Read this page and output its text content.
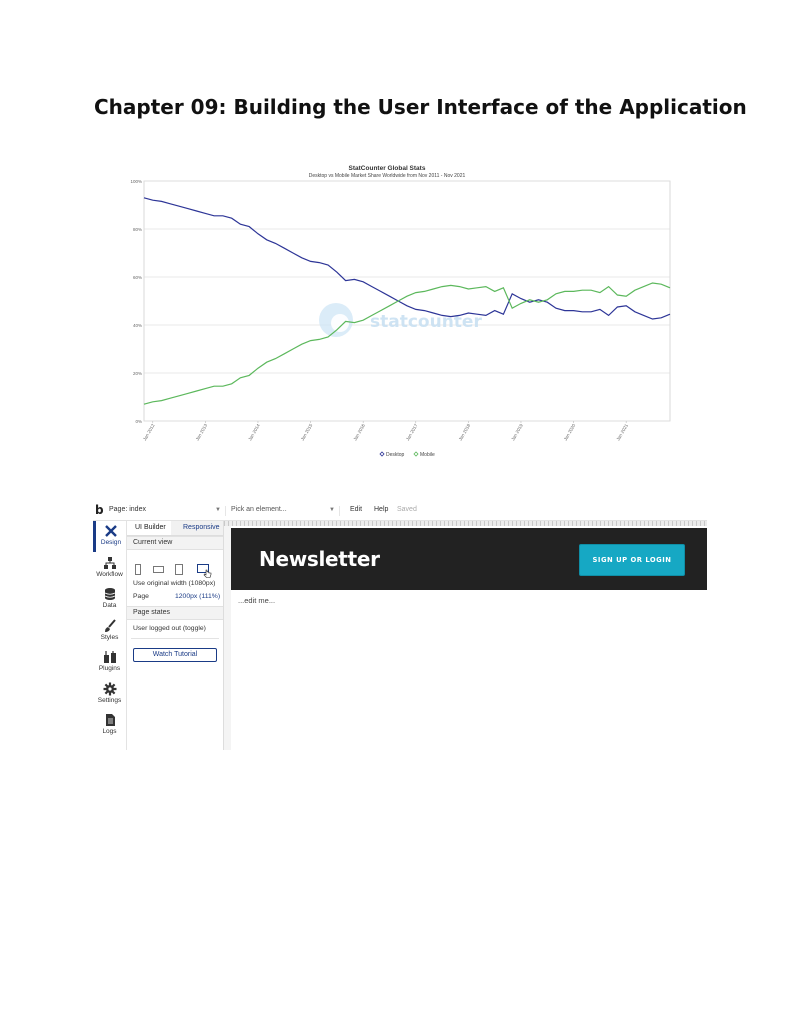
Chapter 09: Building the User Interface of the Application
0%
20%
40%
60%
80%
100%
StatCounter Global Stats
Desktop vs Mobile Market Share Worldwide from Nov 2011 - Nov 2021
statcounter
Jan 2012	Jan 2013	Jan 2014	Jan 2015	Jan 2016	Jan 2017	Jan 2018	Jan 2019	Jan 2020	Jan 2021
Desktop	Mobile
b Page: index	▼ Pick an element...	▼ Edit Help Saved
Design
Workflow
Data
Styles
Plugins
Settings
Logs
UI Builder Responsive
Current view
Use original width (1080px)
Page	1200px (111%)
Page states
User logged out (toggle)
Watch Tutorial
Newsletter	SIGN UP OR LOGIN
...edit me...
